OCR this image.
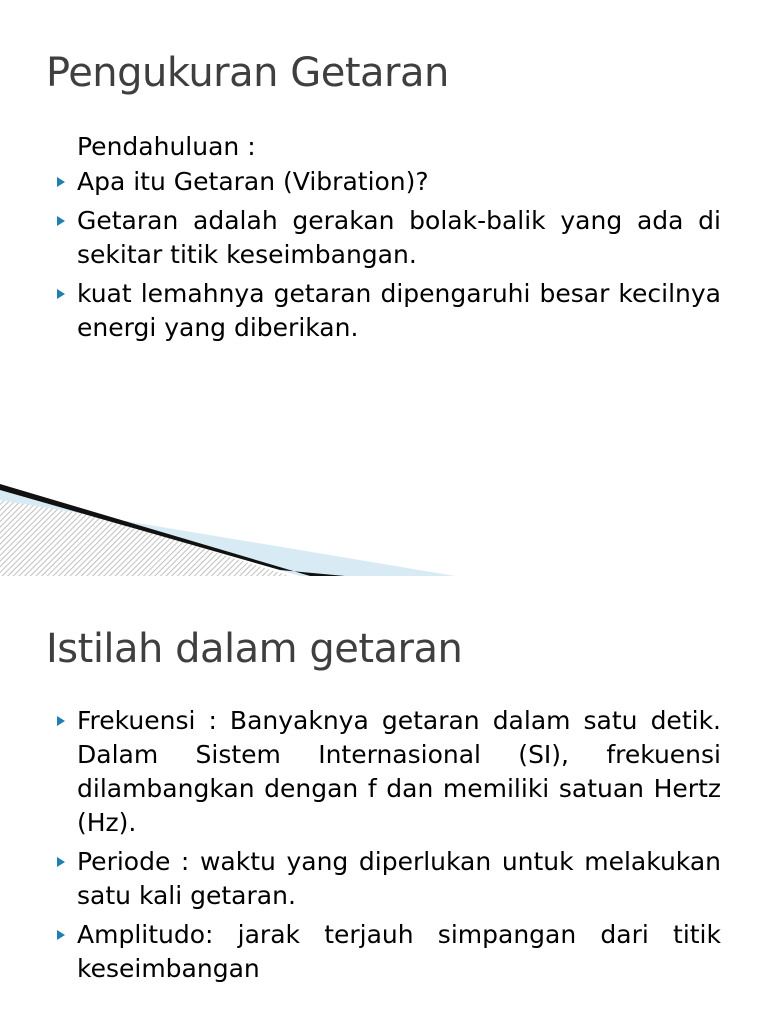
Pengukuran Getaran
Pendahuluan :
Apa itu Getaran (Vibration)?
Getaran adalah gerakan bolak-balik yang ada di sekitar titik keseimbangan.
kuat lemahnya getaran dipengaruhi besar kecilnya energi yang diberikan.
Istilah dalam getaran
Frekuensi : Banyaknya getaran dalam satu detik. Dalam Sistem Internasional (SI), frekuensi dilambangkan dengan f dan memiliki satuan Hertz (Hz).
Periode : waktu yang diperlukan untuk melakukan satu kali getaran.
Amplitudo: jarak terjauh simpangan dari titik keseimbangan
